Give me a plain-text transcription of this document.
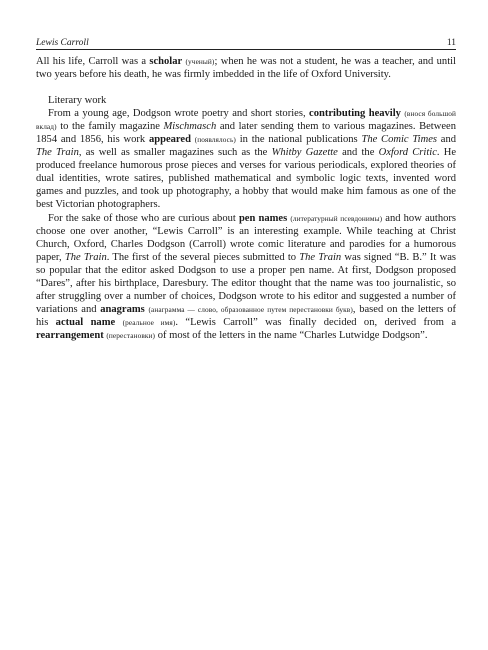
Lewis Carroll	11

All his life, Carroll was a scholar (ученый); when he was not a student, he was a teacher, and until two years before his death, he was firmly imbedded in the life of Oxford University.

Literary work

From a young age, Dodgson wrote poetry and short stories, contributing heavily (внося большой вклад) to the family magazine Mischmasch and later sending them to various magazines. Between 1854 and 1856, his work appeared (появлялось) in the national publications The Comic Times and The Train, as well as smaller magazines such as the Whitby Gazette and the Oxford Critic. He produced freelance humorous prose pieces and verses for various periodicals, explored theories of dual identities, wrote satires, published mathematical and symbolic logic texts, invented word games and puzzles, and took up photography, a hobby that would make him famous as one of the best Victorian photographers.

For the sake of those who are curious about pen names (литературный псевдонимы) and how authors choose one over another, “Lewis Carroll” is an interesting example. While teaching at Christ Church, Oxford, Charles Dodgson (Carroll) wrote comic literature and parodies for a humorous paper, The Train. The first of the several pieces submitted to The Train was signed “B. B.” It was so popular that the editor asked Dodgson to use a proper pen name. At first, Dodgson proposed “Dares”, after his birthplace, Daresbury. The editor thought that the name was too journalistic, so after struggling over a number of choices, Dodgson wrote to his editor and suggested a number of variations and anagrams (анаграмма — слово, образованное путем перестановки букв), based on the letters of his actual name (реальное имя). “Lewis Carroll” was finally decided on, derived from a rearrangement (перестановки) of most of the letters in the name “Charles Lutwidge Dodgson”.
